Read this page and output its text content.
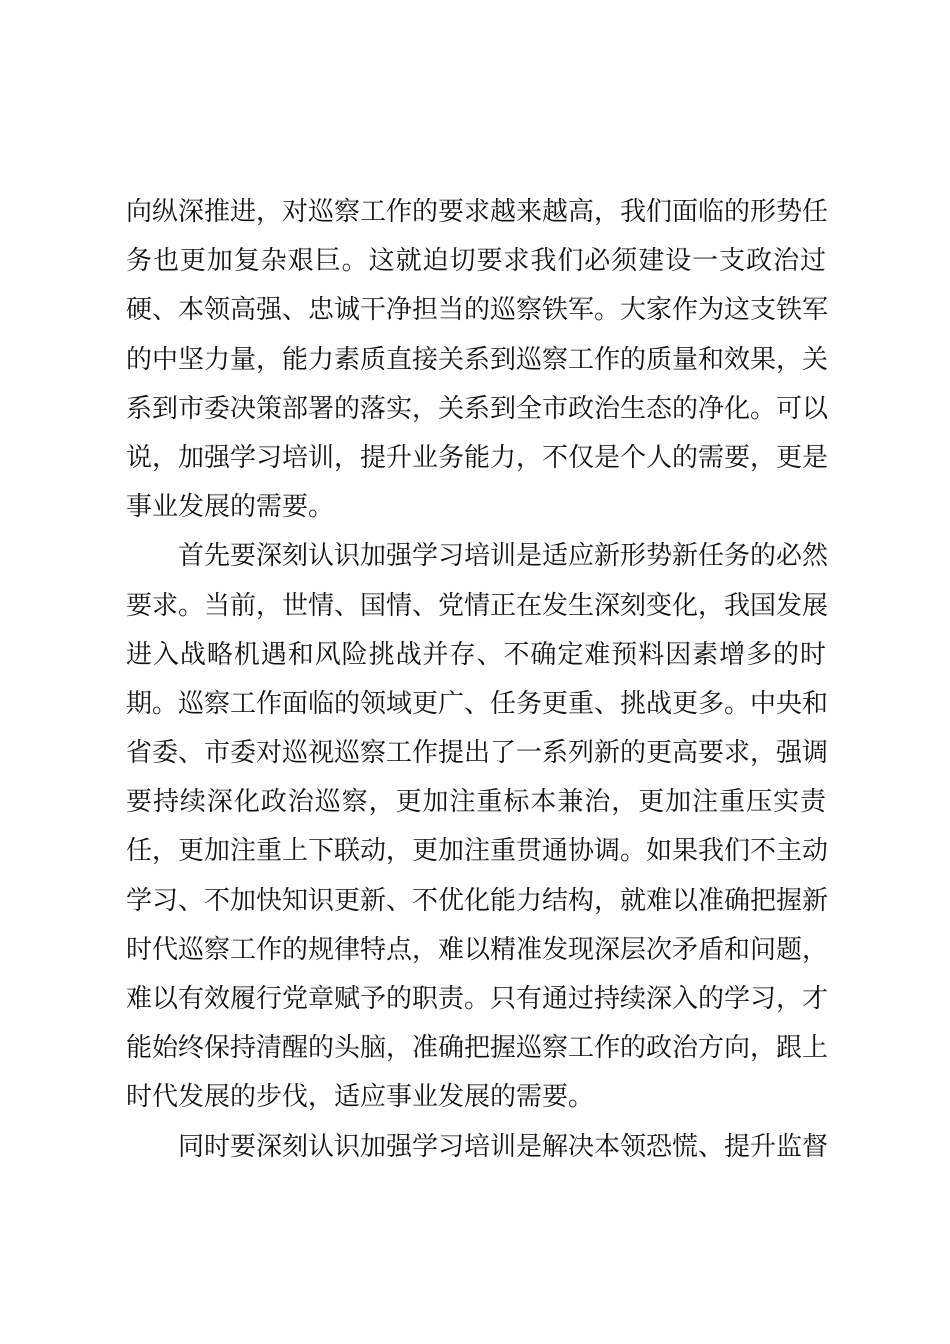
向纵深推进，对巡察工作的要求越来越高，我们面临的形势任
务也更加复杂艰巨。这就迫切要求我们必须建设一支政治过
硬、本领高强、忠诚干净担当的巡察铁军。大家作为这支铁军
的中坚力量，能力素质直接关系到巡察工作的质量和效果，关
系到市委决策部署的落实，关系到全市政治生态的净化。可以
说，加强学习培训，提升业务能力，不仅是个人的需要，更是
事业发展的需要。
首先要深刻认识加强学习培训是适应新形势新任务的必然
要求。当前，世情、国情、党情正在发生深刻变化，我国发展
进入战略机遇和风险挑战并存、不确定难预料因素增多的时
期。巡察工作面临的领域更广、任务更重、挑战更多。中央和
省委、市委对巡视巡察工作提出了一系列新的更高要求，强调
要持续深化政治巡察，更加注重标本兼治，更加注重压实责
任，更加注重上下联动，更加注重贯通协调。如果我们不主动
学习、不加快知识更新、不优化能力结构，就难以准确把握新
时代巡察工作的规律特点，难以精准发现深层次矛盾和问题，
难以有效履行党章赋予的职责。只有通过持续深入的学习，才
能始终保持清醒的头脑，准确把握巡察工作的政治方向，跟上
时代发展的步伐，适应事业发展的需要。
同时要深刻认识加强学习培训是解决本领恐慌、提升监督
